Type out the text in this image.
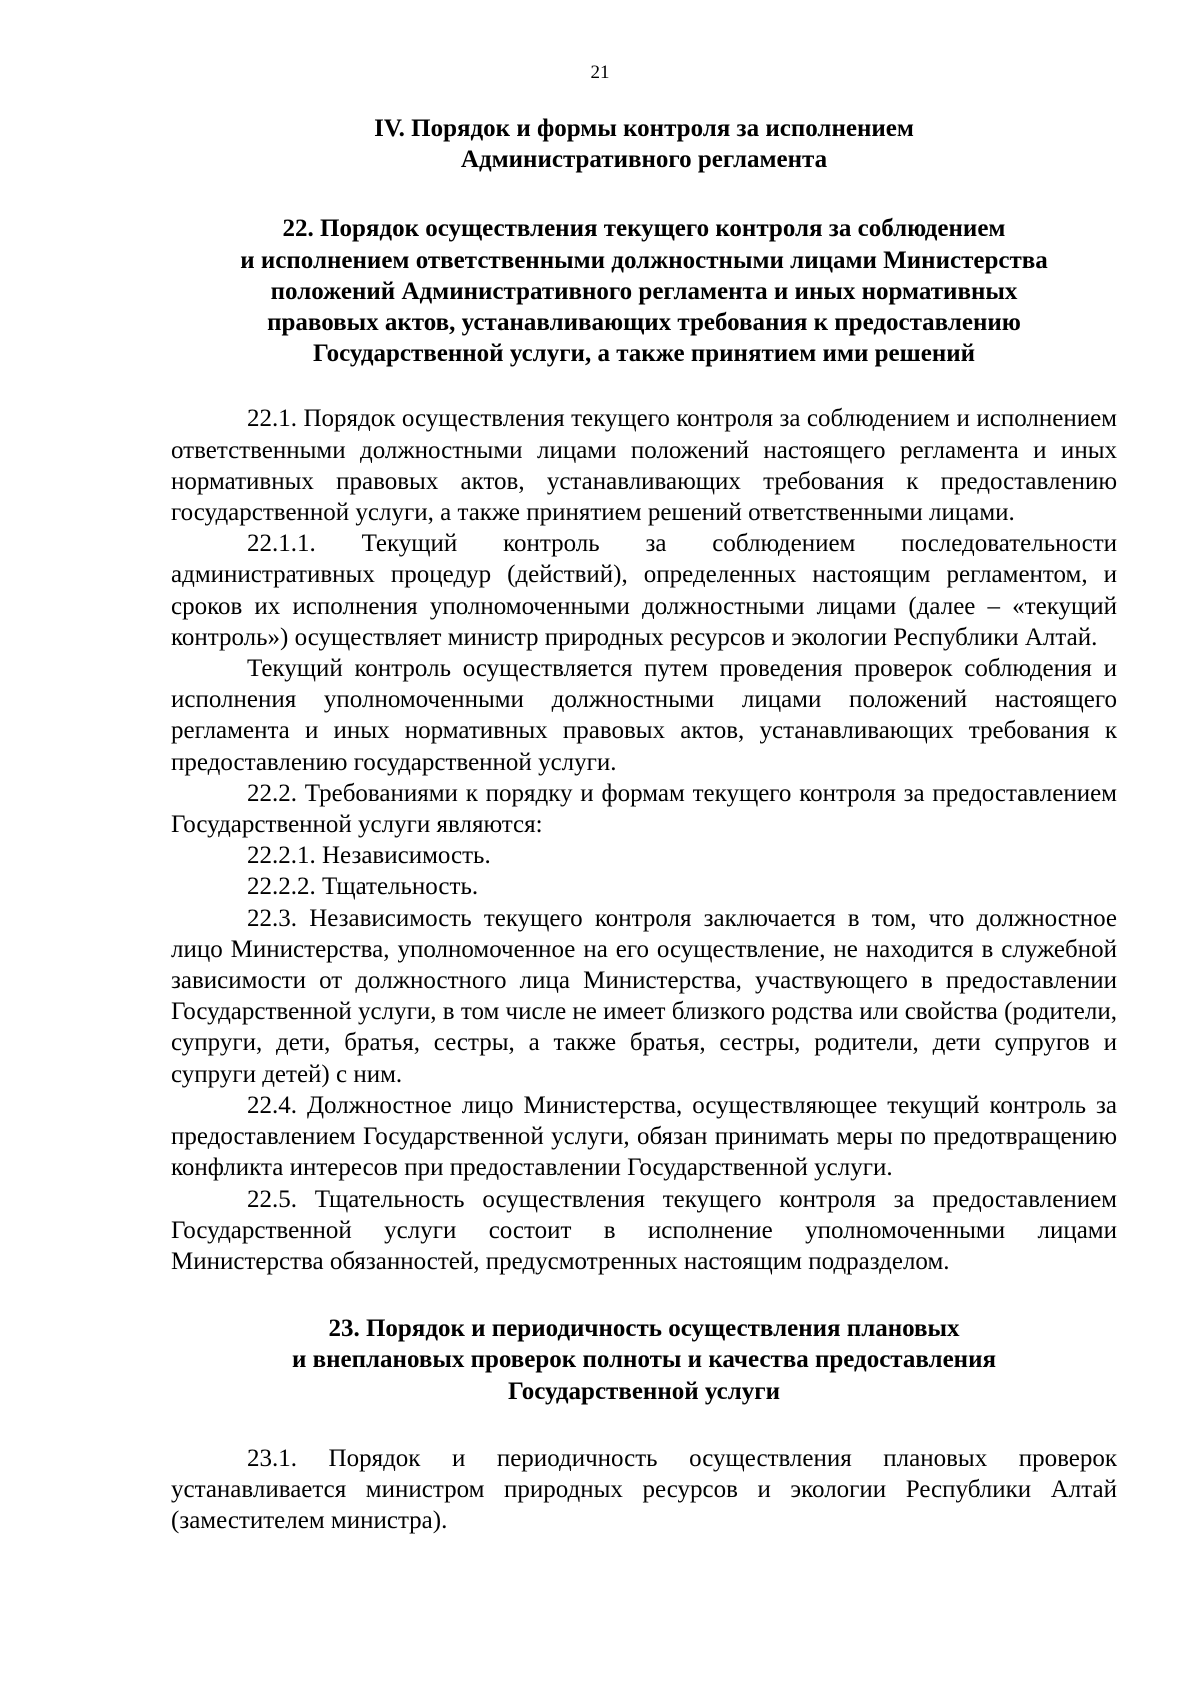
21
IV. Порядок и формы контроля за исполнением
Административного регламента
22. Порядок осуществления текущего контроля за соблюдением
и исполнением ответственными должностными лицами Министерства
положений Административного регламента и иных нормативных
правовых актов, устанавливающих требования к предоставлению
Государственной услуги, а также принятием ими решений

22.1. Порядок осуществления текущего контроля за соблюдением и исполнением ответственными должностными лицами положений настоящего регламента и иных нормативных правовых актов, устанавливающих требования к предоставлению государственной услуги, а также принятием решений ответственными лицами.

22.1.1. Текущий контроль за соблюдением последовательности административных процедур (действий), определенных настоящим регламентом, и сроков их исполнения уполномоченными должностными лицами (далее – «текущий контроль») осуществляет министр природных ресурсов и экологии Республики Алтай.

Текущий контроль осуществляется путем проведения проверок соблюдения и исполнения уполномоченными должностными лицами положений настоящего регламента и иных нормативных правовых актов, устанавливающих требования к предоставлению государственной услуги.

22.2. Требованиями к порядку и формам текущего контроля за предоставлением Государственной услуги являются:

22.2.1. Независимость.

22.2.2. Тщательность.

22.3. Независимость текущего контроля заключается в том, что должностное лицо Министерства, уполномоченное на его осуществление, не находится в служебной зависимости от должностного лица Министерства, участвующего в предоставлении Государственной услуги, в том числе не имеет близкого родства или свойства (родители, супруги, дети, братья, сестры, а также братья, сестры, родители, дети супругов и супруги детей) с ним.

22.4. Должностное лицо Министерства, осуществляющее текущий контроль за предоставлением Государственной услуги, обязан принимать меры по предотвращению конфликта интересов при предоставлении Государственной услуги.

22.5. Тщательность осуществления текущего контроля за предоставлением Государственной услуги состоит в исполнение уполномоченными лицами Министерства обязанностей, предусмотренных настоящим подразделом.

23. Порядок и периодичность осуществления плановых
и внеплановых проверок полноты и качества предоставления
Государственной услуги

23.1. Порядок и периодичность осуществления плановых проверок устанавливается министром природных ресурсов и экологии Республики Алтай (заместителем министра).
